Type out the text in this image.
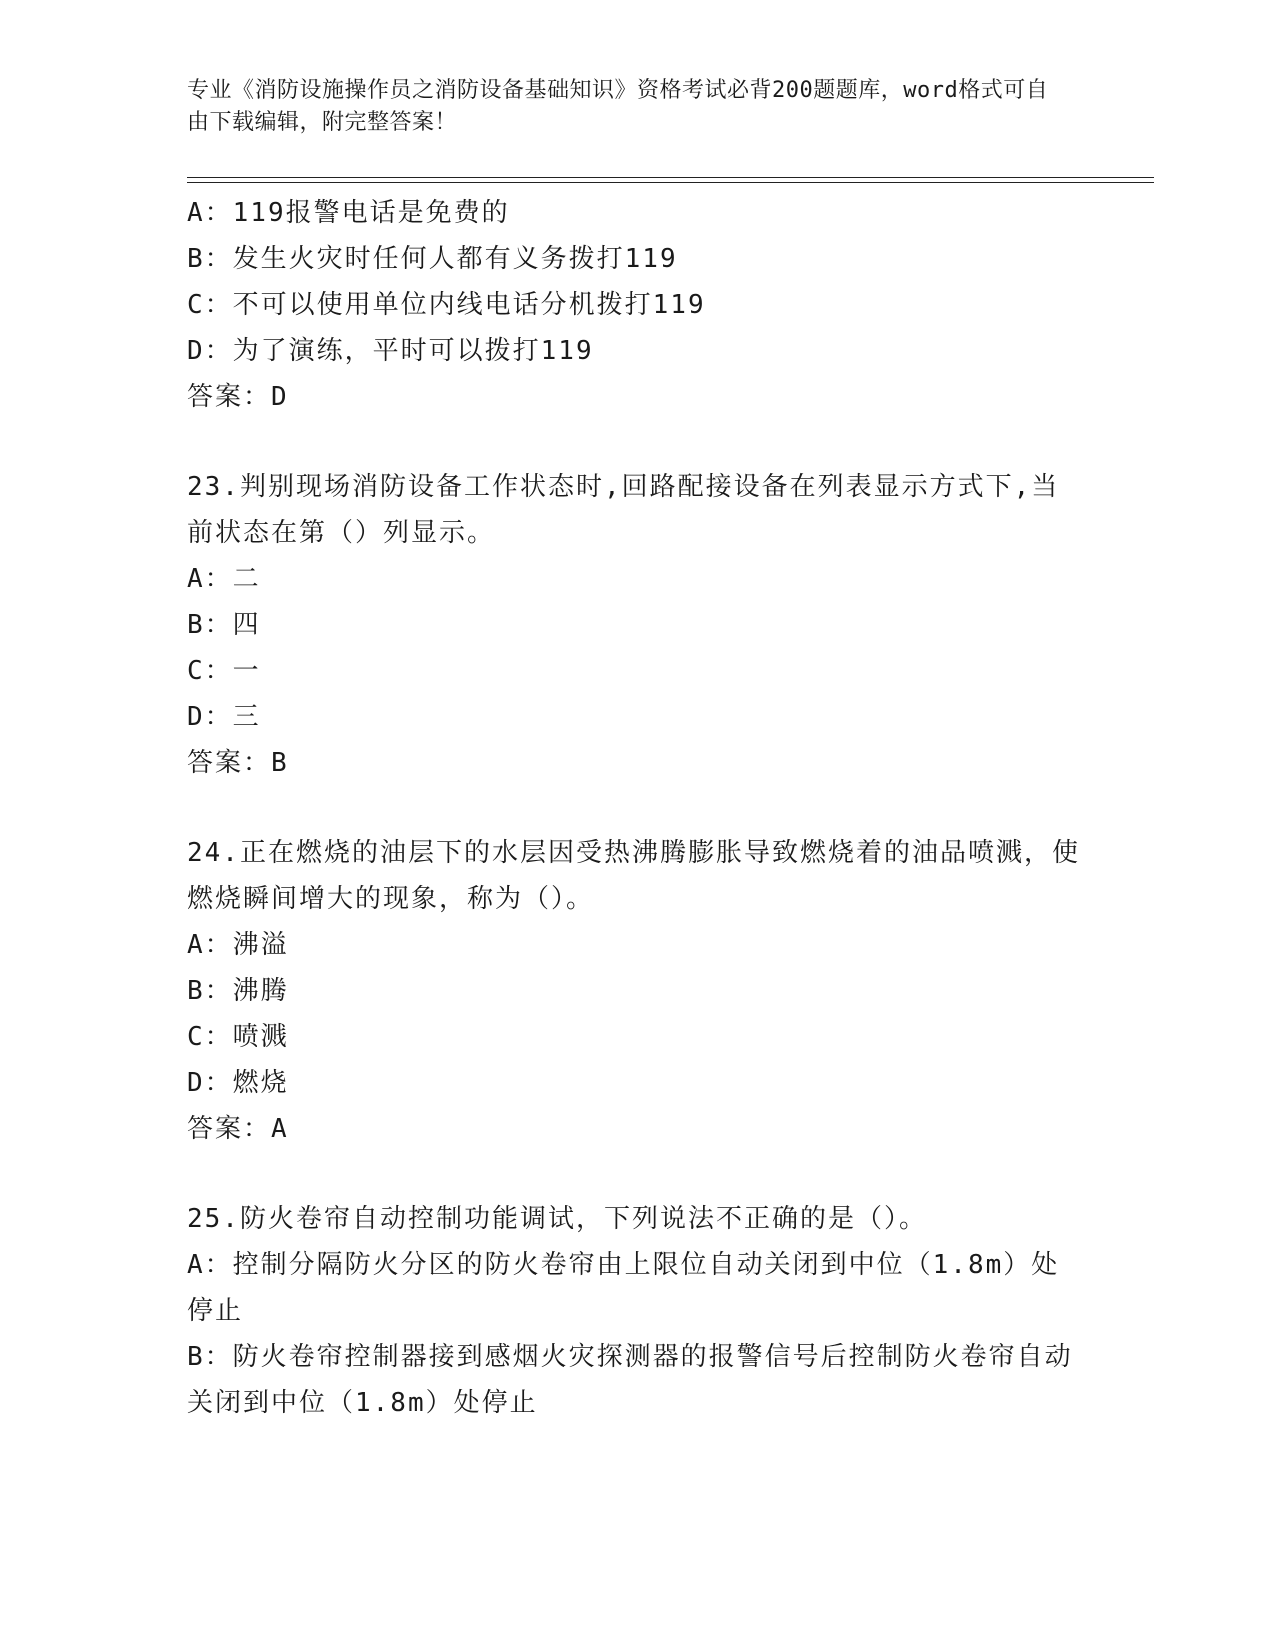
专业《消防设施操作员之消防设备基础知识》资格考试必背200题题库，word格式可自由下载编辑，附完整答案！
A：119报警电话是免费的
B：发生火灾时任何人都有义务拨打119
C：不可以使用单位内线电话分机拨打119
D：为了演练，平时可以拨打119
答案：D
23.判别现场消防设备工作状态时,回路配接设备在列表显示方式下,当前状态在第（）列显示。
A：二
B：四
C：一
D：三
答案：B
24.正在燃烧的油层下的水层因受热沸腾膨胀导致燃烧着的油品喷溅，使燃烧瞬间增大的现象，称为（）。
A：沸溢
B：沸腾
C：喷溅
D：燃烧
答案：A
25.防火卷帘自动控制功能调试，下列说法不正确的是（）。
A：控制分隔防火分区的防火卷帘由上限位自动关闭到中位（1.8m）处停止
B：防火卷帘控制器接到感烟火灾探测器的报警信号后控制防火卷帘自动关闭到中位（1.8m）处停止
